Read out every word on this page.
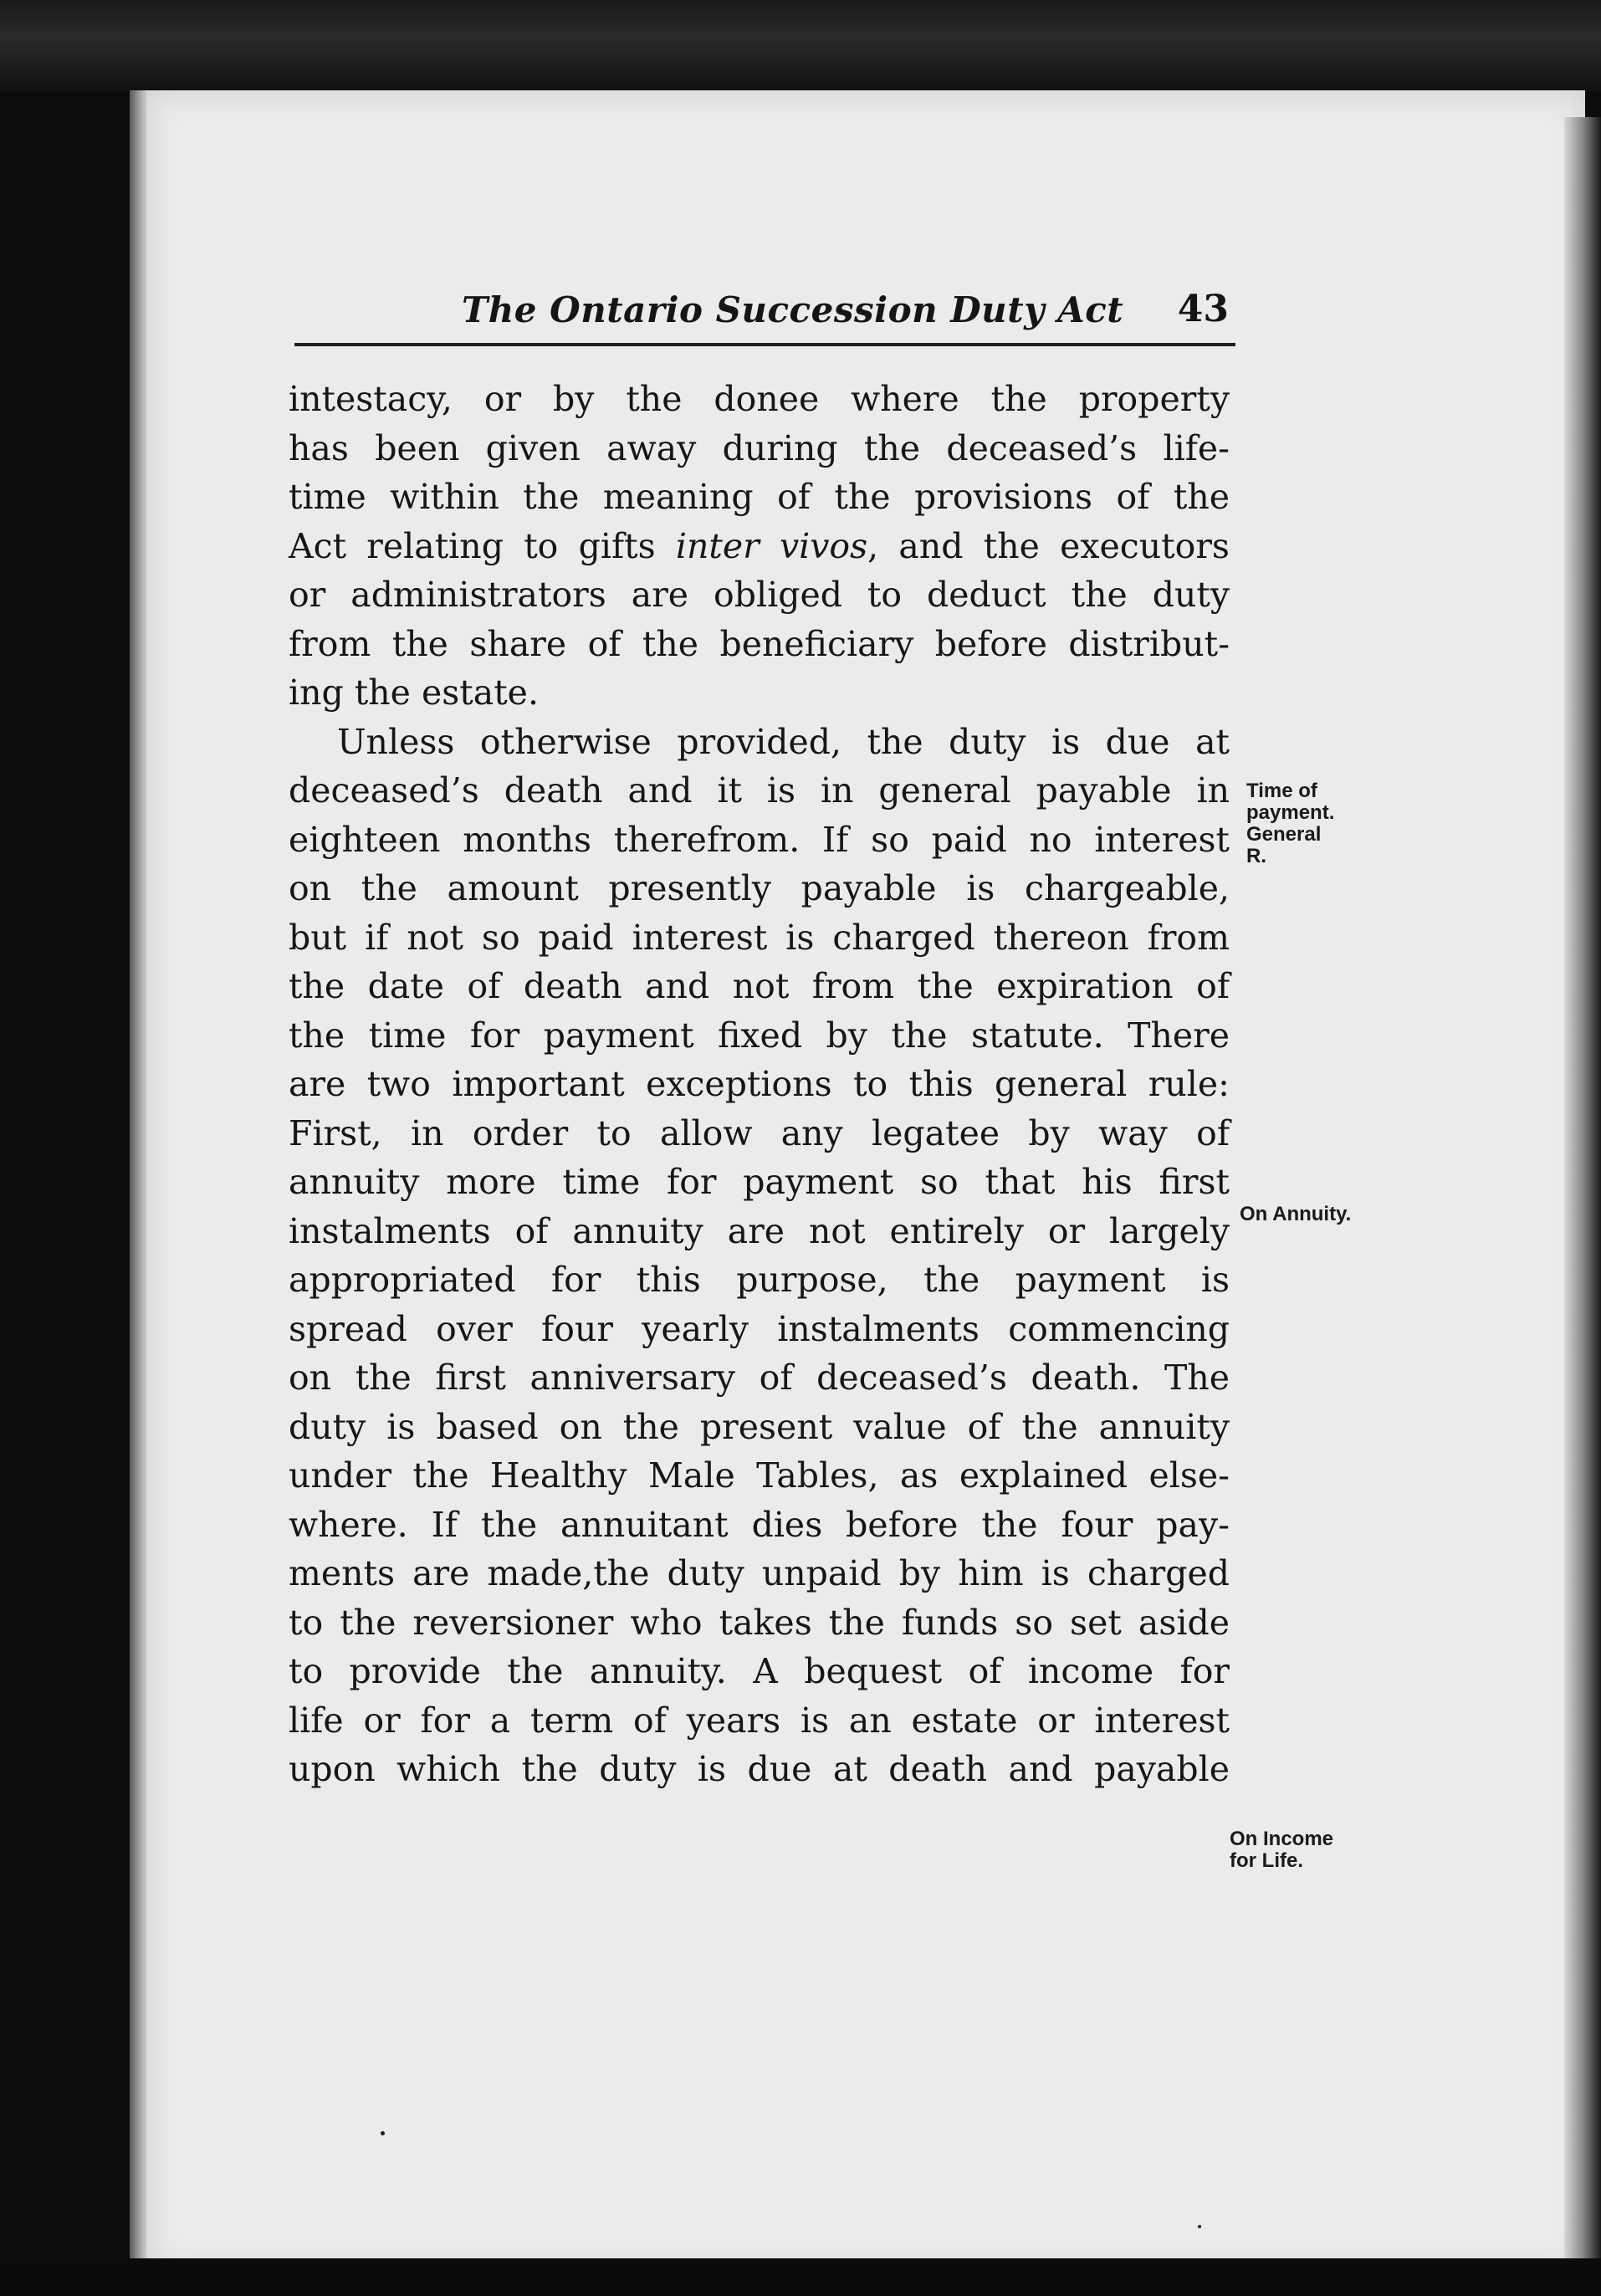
The Ontario Succession Duty Act 43
intestacy, or by the donee where the property
has been given away during the deceased’s life-
time within the meaning of the provisions of the
Act relating to gifts inter vivos, and the executors
or administrators are obliged to deduct the duty
from the share of the beneficiary before distribut-
ing the estate.
Unless otherwise provided, the duty is due at
deceased’s death and it is in general payable in
eighteen months therefrom. If so paid no interest
on the amount presently payable is chargeable,
but if not so paid interest is charged thereon from
the date of death and not from the expiration of
the time for payment fixed by the statute. There
are two important exceptions to this general rule:
First, in order to allow any legatee by way of
annuity more time for payment so that his first
instalments of annuity are not entirely or largely
appropriated for this purpose, the payment is
spread over four yearly instalments commencing
on the first anniversary of deceased’s death. The
duty is based on the present value of the annuity
under the Healthy Male Tables, as explained else-
where. If the annuitant dies before the four pay-
ments are made,the duty unpaid by him is charged
to the reversioner who takes the funds so set aside
to provide the annuity. A bequest of income for
life or for a term of years is an estate or interest
upon which the duty is due at death and payable
Time of
payment.
General
R.
On Annuity.
On Income
for Life.
